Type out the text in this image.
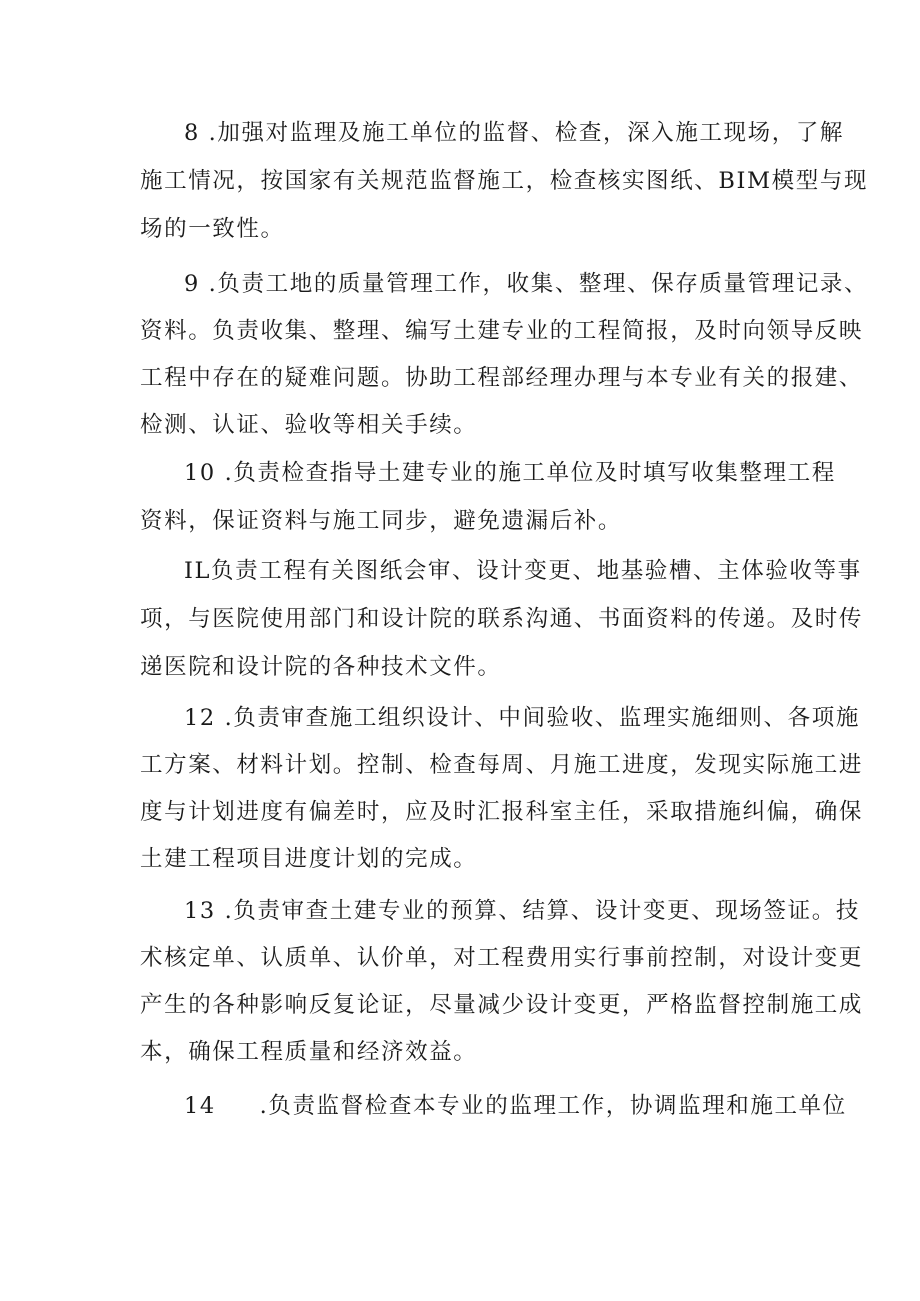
8 .加强对监理及施工单位的监督、检查，深入施工现场，了解
施工情况，按国家有关规范监督施工，检查核实图纸、BIM模型与现
场的一致性。
9 .负责工地的质量管理工作，收集、整理、保存质量管理记录、
资料。负责收集、整理、编写土建专业的工程简报，及时向领导反映
工程中存在的疑难问题。协助工程部经理办理与本专业有关的报建、
检测、认证、验收等相关手续。
10 .负责检查指导土建专业的施工单位及时填写收集整理工程
资料，保证资料与施工同步，避免遗漏后补。
IL负责工程有关图纸会审、设计变更、地基验槽、主体验收等事
项，与医院使用部门和设计院的联系沟通、书面资料的传递。及时传
递医院和设计院的各种技术文件。
12 .负责审查施工组织设计、中间验收、监理实施细则、各项施
工方案、材料计划。控制、检查每周、月施工进度，发现实际施工进
度与计划进度有偏差时，应及时汇报科室主任，采取措施纠偏，确保
土建工程项目进度计划的完成。
13 .负责审查土建专业的预算、结算、设计变更、现场签证。技
术核定单、认质单、认价单，对工程费用实行事前控制，对设计变更
产生的各种影响反复论证，尽量减少设计变更，严格监督控制施工成
本，确保工程质量和经济效益。
14     .负责监督检查本专业的监理工作，协调监理和施工单位
